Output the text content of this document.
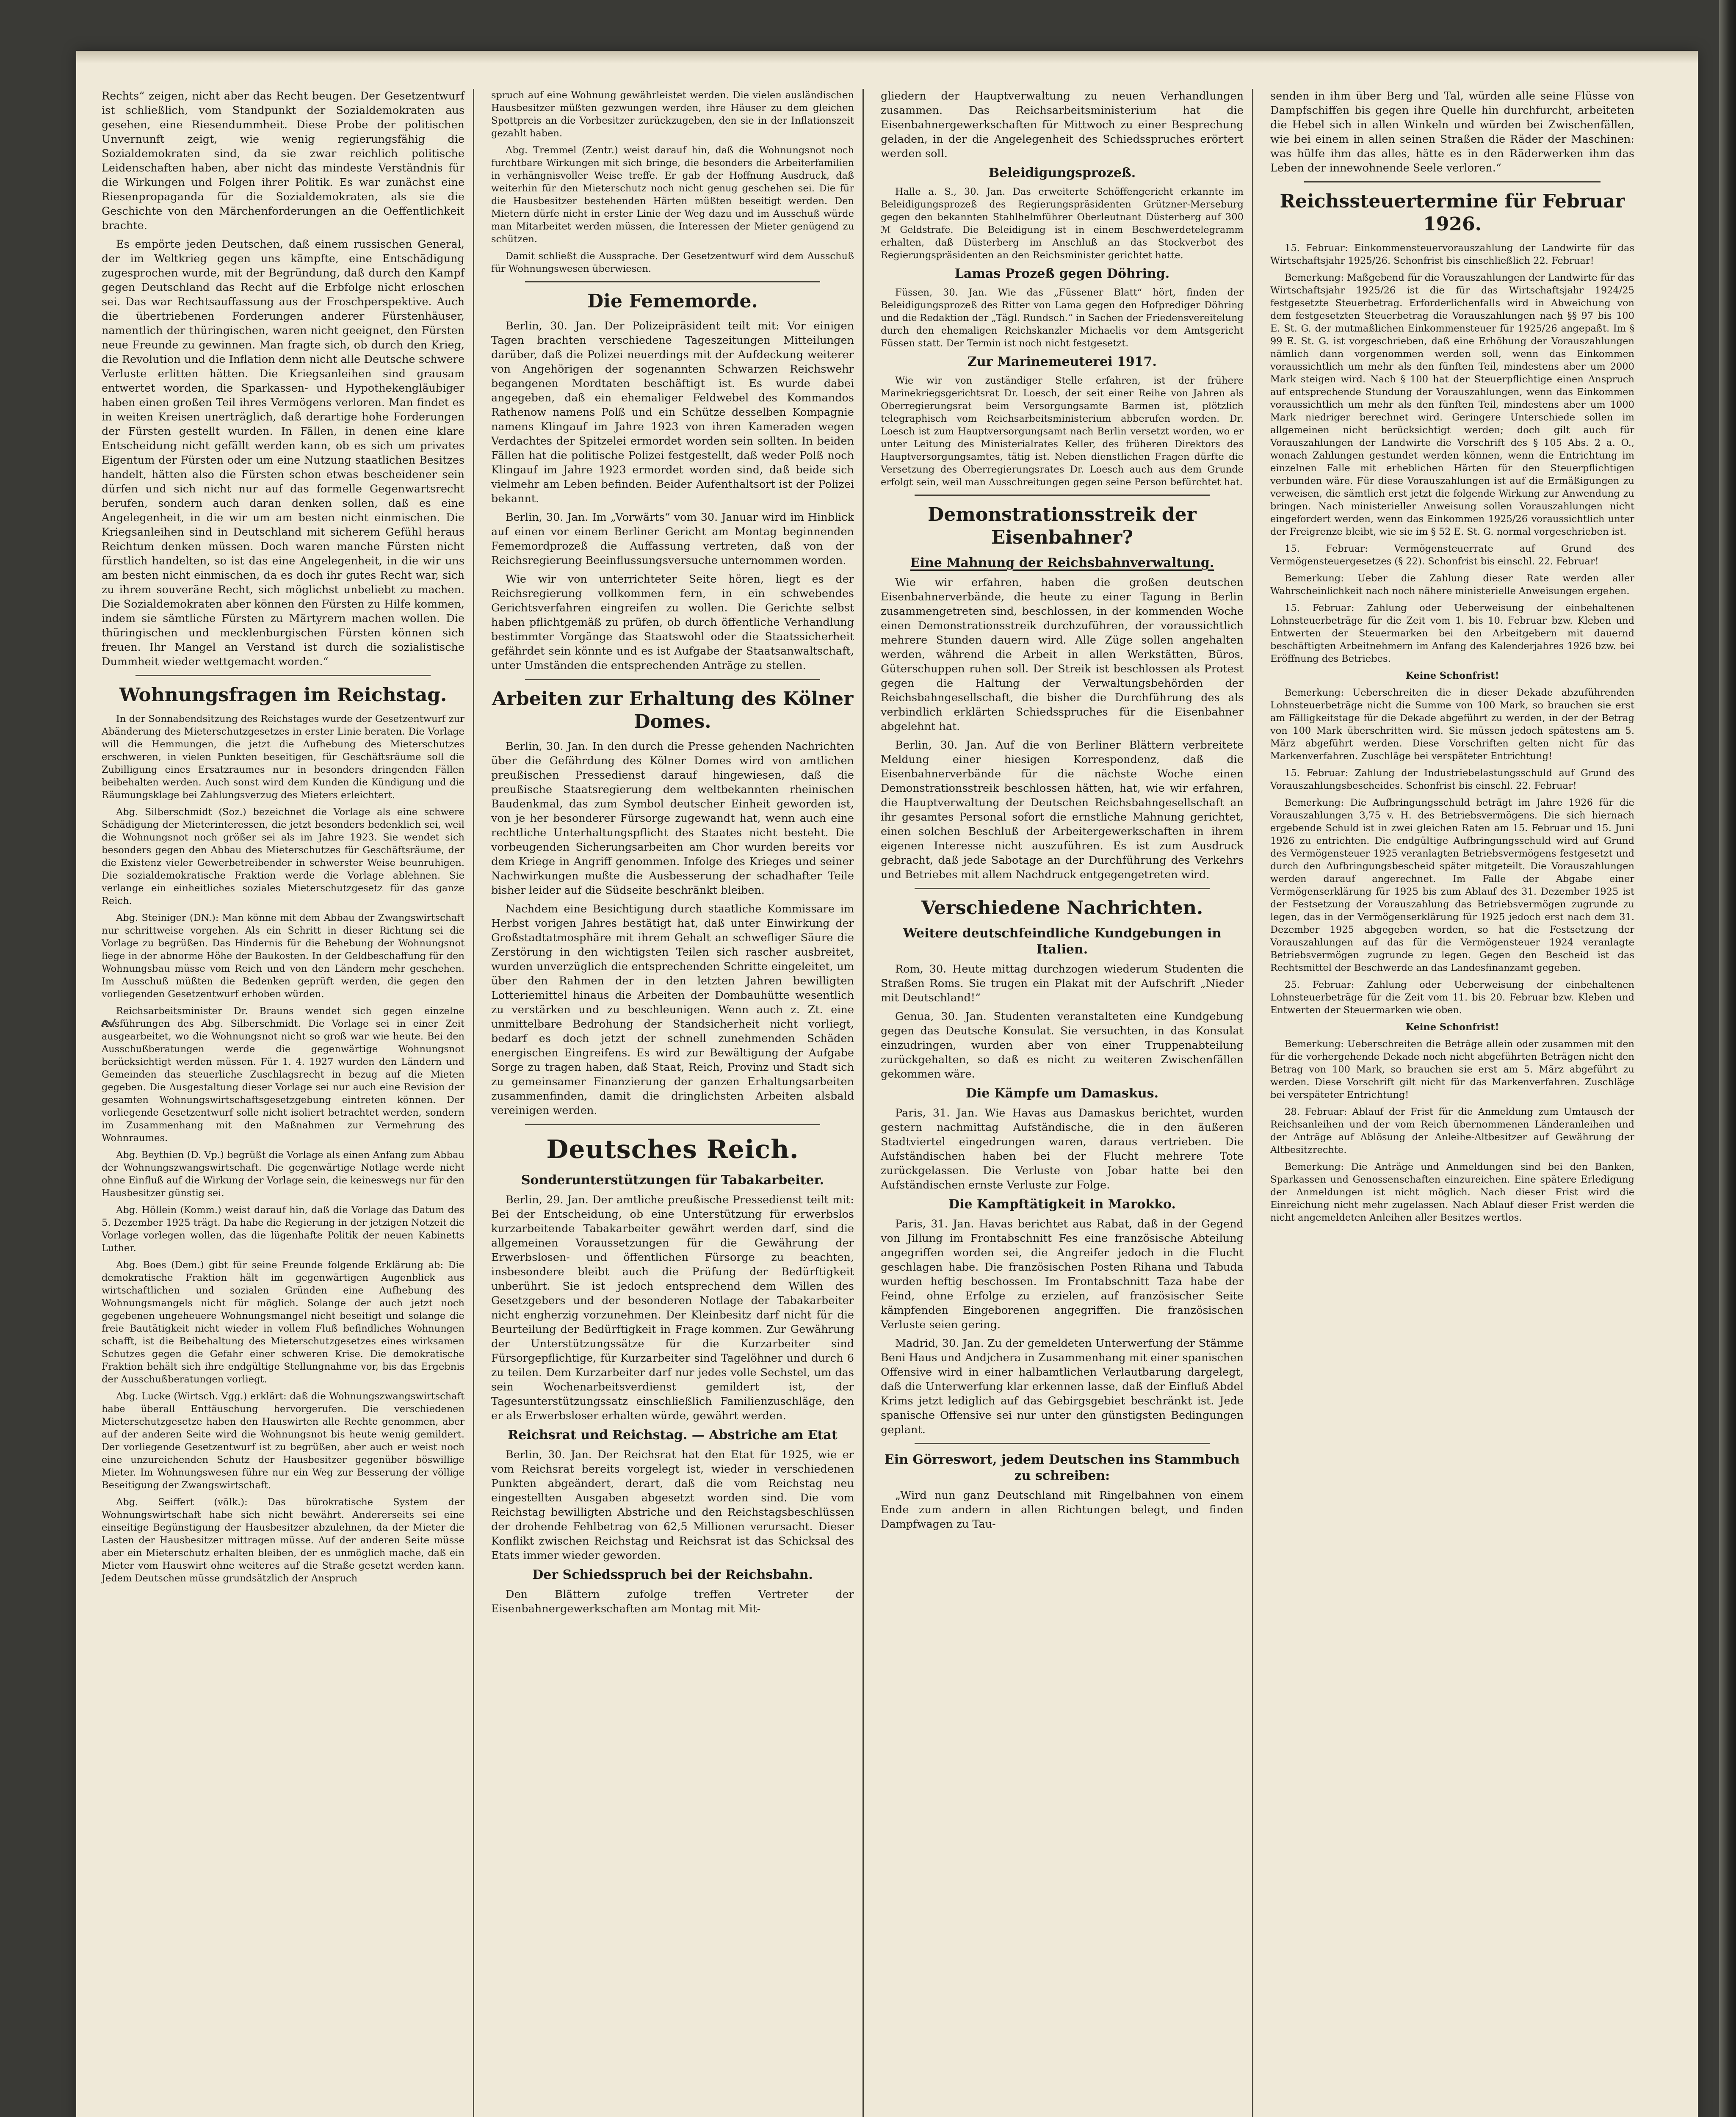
Rechts“ zeigen, nicht aber das Recht beugen. Der Gesetzentwurf ist schließlich, vom Standpunkt der Sozialdemokraten aus gesehen, eine Riesendummheit. Diese Probe der politischen Unvernunft zeigt, wie wenig regierungsfähig die Sozialdemokraten sind, da sie zwar reichlich politische Leidenschaften haben, aber nicht das mindeste Verständnis für die Wirkungen und Folgen ihrer Politik. Es war zunächst eine Riesenpropaganda für die Sozialdemokraten, als sie die Geschichte von den Märchenforderungen an die Oeffentlichkeit brachte.

Es empörte jeden Deutschen, daß einem russischen General, der im Weltkrieg gegen uns kämpfte, eine Entschädigung zugesprochen wurde, mit der Begründung, daß durch den Kampf gegen Deutschland das Recht auf die Erbfolge nicht erloschen sei. Das war Rechtsauffassung aus der Froschperspektive. Auch die übertriebenen Forderungen anderer Fürstenhäuser, namentlich der thüringischen, waren nicht geeignet, den Fürsten neue Freunde zu gewinnen. Man fragte sich, ob durch den Krieg, die Revolution und die Inflation denn nicht alle Deutsche schwere Verluste erlitten hätten. Die Kriegsanleihen sind grausam entwertet worden, die Sparkassen- und Hypothekengläubiger haben einen großen Teil ihres Vermögens verloren. Man findet es in weiten Kreisen unerträglich, daß derartige hohe Forderungen der Fürsten gestellt wurden. In Fällen, in denen eine klare Entscheidung nicht gefällt werden kann, ob es sich um privates Eigentum der Fürsten oder um eine Nutzung staatlichen Besitzes handelt, hätten also die Fürsten schon etwas bescheidener sein dürfen und sich nicht nur auf das formelle Gegenwartsrecht berufen, sondern auch daran denken sollen, daß es eine Angelegenheit, in die wir um am besten nicht einmischen. Die Kriegsanleihen sind in Deutschland mit sicherem Gefühl heraus Reichtum denken müssen. Doch waren manche Fürsten nicht fürstlich handelten, so ist das eine Angelegenheit, in die wir uns am besten nicht einmischen, da es doch ihr gutes Recht war, sich zu ihrem souveräne Recht, sich möglichst unbeliebt zu machen. Die Sozialdemokraten aber können den Fürsten zu Hilfe kommen, indem sie sämtliche Fürsten zu Märtyrern machen wollen. Die thüringischen und mecklenburgischen Fürsten können sich freuen. Ihr Mangel an Verstand ist durch die sozialistische Dummheit wieder wettgemacht worden.“

Wohnungsfragen im Reichstag.

In der Sonnabendsitzung des Reichstages wurde der Gesetzentwurf zur Abänderung des Mieterschutzgesetzes in erster Linie beraten. Die Vorlage will die Hemmungen, die jetzt die Aufhebung des Mieterschutzes erschweren, in vielen Punkten beseitigen, für Geschäftsräume soll die Zubilligung eines Ersatzraumes nur in besonders dringenden Fällen beibehalten werden. Auch sonst wird dem Kunden die Kündigung und die Räumungsklage bei Zahlungsverzug des Mieters erleichtert.

Abg. Silberschmidt (Soz.) bezeichnet die Vorlage als eine schwere Schädigung der Mieterinteressen, die jetzt besonders bedenklich sei, weil die Wohnungsnot noch größer sei als im Jahre 1923. Sie wendet sich besonders gegen den Abbau des Mieterschutzes für Geschäftsräume, der die Existenz vieler Gewerbetreibender in schwerster Weise beunruhigen. Die sozialdemokratische Fraktion werde die Vorlage ablehnen. Sie verlange ein einheitliches soziales Mieterschutzgesetz für das ganze Reich.

Abg. Steiniger (DN.): Man könne mit dem Abbau der Zwangswirtschaft nur schrittweise vorgehen. Als ein Schritt in dieser Richtung sei die Vorlage zu begrüßen. Das Hindernis für die Behebung der Wohnungsnot liege in der abnorme Höhe der Baukosten. In der Geldbeschaffung für den Wohnungsbau müsse vom Reich und von den Ländern mehr geschehen. Im Ausschuß müßten die Bedenken geprüft werden, die gegen den vorliegenden Gesetzentwurf erhoben würden.

Reichsarbeitsminister Dr. Brauns wendet sich gegen einzelne Ausführungen des Abg. Silberschmidt. Die Vorlage sei in einer Zeit ausgearbeitet, wo die Wohnungsnot nicht so groß war wie heute. Bei den Ausschußberatungen werde die gegenwärtige Wohnungsnot berücksichtigt werden müssen. Für 1. 4. 1927 wurden den Ländern und Gemeinden das steuerliche Zuschlagsrecht in bezug auf die Mieten gegeben. Die Ausgestaltung dieser Vorlage sei nur auch eine Revision der gesamten Wohnungswirtschaftsgesetzgebung eintreten können. Der vorliegende Gesetzentwurf solle nicht isoliert betrachtet werden, sondern im Zusammenhang mit den Maßnahmen zur Vermehrung des Wohnraumes.

Abg. Beythien (D. Vp.) begrüßt die Vorlage als einen Anfang zum Abbau der Wohnungszwangswirtschaft. Die gegenwärtige Notlage werde nicht ohne Einfluß auf die Wirkung der Vorlage sein, die keineswegs nur für den Hausbesitzer günstig sei.

Abg. Höllein (Komm.) weist darauf hin, daß die Vorlage das Datum des 5. Dezember 1925 trägt. Da habe die Regierung in der jetzigen Notzeit die Vorlage vorlegen wollen, das die lügenhafte Politik der neuen Kabinetts Luther.

Abg. Boes (Dem.) gibt für seine Freunde folgende Erklärung ab: Die demokratische Fraktion hält im gegenwärtigen Augenblick aus wirtschaftlichen und sozialen Gründen eine Aufhebung des Wohnungsmangels nicht für möglich. Solange der auch jetzt noch gegebenen ungeheuere Wohnungsmangel nicht beseitigt und solange die freie Bautätigkeit nicht wieder in vollem Fluß befindliches Wohnungen schafft, ist die Beibehaltung des Mieterschutzgesetzes eines wirksamen Schutzes gegen die Gefahr einer schweren Krise. Die demokratische Fraktion behält sich ihre endgültige Stellungnahme vor, bis das Ergebnis der Ausschußberatungen vorliegt.

Abg. Lucke (Wirtsch. Vgg.) erklärt: daß die Wohnungszwangswirtschaft habe überall Enttäuschung hervorgerufen. Die verschiedenen Mieterschutzgesetze haben den Hauswirten alle Rechte genommen, aber auf der anderen Seite wird die Wohnungsnot bis heute wenig gemildert. Der vorliegende Gesetzentwurf ist zu begrüßen, aber auch er weist noch eine unzureichenden Schutz der Hausbesitzer gegenüber böswillige Mieter. Im Wohnungswesen führe nur ein Weg zur Besserung der völlige Beseitigung der Zwangswirtschaft.

Abg. Seiffert (völk.): Das bürokratische System der Wohnungswirtschaft habe sich nicht bewährt. Andererseits sei eine einseitige Begünstigung der Hausbesitzer abzulehnen, da der Mieter die Lasten der Hausbesitzer mittragen müsse. Auf der anderen Seite müsse aber ein Mieterschutz erhalten bleiben, der es unmöglich mache, daß ein Mieter vom Hauswirt ohne weiteres auf die Straße gesetzt werden kann. Jedem Deutschen müsse grundsätzlich der Anspruch

spruch auf eine Wohnung gewährleistet werden. Die vielen ausländischen Hausbesitzer müßten gezwungen werden, ihre Häuser zu dem gleichen Spottpreis an die Vorbesitzer zurückzugeben, den sie in der Inflationszeit gezahlt haben.

Abg. Tremmel (Zentr.) weist darauf hin, daß die Wohnungsnot noch furchtbare Wirkungen mit sich bringe, die besonders die Arbeiterfamilien in verhängnisvoller Weise treffe. Er gab der Hoffnung Ausdruck, daß weiterhin für den Mieterschutz noch nicht genug geschehen sei. Die für die Hausbesitzer bestehenden Härten müßten beseitigt werden. Den Mietern dürfe nicht in erster Linie der Weg dazu und im Ausschuß würde man Mitarbeitet werden müssen, die Interessen der Mieter genügend zu schützen.

Damit schließt die Aussprache. Der Gesetzentwurf wird dem Ausschuß für Wohnungswesen überwiesen.

Die Fememorde.

Berlin, 30. Jan. Der Polizeipräsident teilt mit: Vor einigen Tagen brachten verschiedene Tageszeitungen Mitteilungen darüber, daß die Polizei neuerdings mit der Aufdeckung weiterer von Angehörigen der sogenannten Schwarzen Reichswehr begangenen Mordtaten beschäftigt ist. Es wurde dabei angegeben, daß ein ehemaliger Feldwebel des Kommandos Rathenow namens Polß und ein Schütze desselben Kompagnie namens Klingauf im Jahre 1923 von ihren Kameraden wegen Verdachtes der Spitzelei ermordet worden sein sollten. In beiden Fällen hat die politische Polizei festgestellt, daß weder Polß noch Klingauf im Jahre 1923 ermordet worden sind, daß beide sich vielmehr am Leben befinden. Beider Aufenthaltsort ist der Polizei bekannt.

Berlin, 30. Jan. Im „Vorwärts“ vom 30. Januar wird im Hinblick auf einen vor einem Berliner Gericht am Montag beginnenden Fememordprozeß die Auffassung vertreten, daß von der Reichsregierung Beeinflussungsversuche unternommen worden.

Wie wir von unterrichteter Seite hören, liegt es der Reichsregierung vollkommen fern, in ein schwebendes Gerichtsverfahren eingreifen zu wollen. Die Gerichte selbst haben pflichtgemäß zu prüfen, ob durch öffentliche Verhandlung bestimmter Vorgänge das Staatswohl oder die Staatssicherheit gefährdet sein könnte und es ist Aufgabe der Staatsanwaltschaft, unter Umständen die entsprechenden Anträge zu stellen.

Arbeiten zur Erhaltung des Kölner Domes.

Berlin, 30. Jan. In den durch die Presse gehenden Nachrichten über die Gefährdung des Kölner Domes wird von amtlichen preußischen Pressedienst darauf hingewiesen, daß die preußische Staatsregierung dem weltbekannten rheinischen Baudenkmal, das zum Symbol deutscher Einheit geworden ist, von je her besonderer Fürsorge zugewandt hat, wenn auch eine rechtliche Unterhaltungspflicht des Staates nicht besteht. Die vorbeugenden Sicherungsarbeiten am Chor wurden bereits vor dem Kriege in Angriff genommen. Infolge des Krieges und seiner Nachwirkungen mußte die Ausbesserung der schadhafter Teile bisher leider auf die Südseite beschränkt bleiben.

Nachdem eine Besichtigung durch staatliche Kommissare im Herbst vorigen Jahres bestätigt hat, daß unter Einwirkung der Großstadtatmosphäre mit ihrem Gehalt an schwefliger Säure die Zerstörung in den wichtigsten Teilen sich rascher ausbreitet, wurden unverzüglich die entsprechenden Schritte eingeleitet, um über den Rahmen der in den letzten Jahren bewilligten Lotteriemittel hinaus die Arbeiten der Dombauhütte wesentlich zu verstärken und zu beschleunigen. Wenn auch z. Zt. eine unmittelbare Bedrohung der Standsicherheit nicht vorliegt, bedarf es doch jetzt der schnell zunehmenden Schäden energischen Eingreifens. Es wird zur Bewältigung der Aufgabe Sorge zu tragen haben, daß Staat, Reich, Provinz und Stadt sich zu gemeinsamer Finanzierung der ganzen Erhaltungsarbeiten zusammenfinden, damit die dringlichsten Arbeiten alsbald vereinigen werden.

Deutsches Reich.
Sonderunterstützungen für Tabakarbeiter.

Berlin, 29. Jan. Der amtliche preußische Pressedienst teilt mit: Bei der Entscheidung, ob eine Unterstützung für erwerbslos kurzarbeitende Tabakarbeiter gewährt werden darf, sind die allgemeinen Voraussetzungen für die Gewährung der Erwerbslosen- und öffentlichen Fürsorge zu beachten, insbesondere bleibt auch die Prüfung der Bedürftigkeit unberührt. Sie ist jedoch entsprechend dem Willen des Gesetzgebers und der besonderen Notlage der Tabakarbeiter nicht engherzig vorzunehmen. Der Kleinbesitz darf nicht für die Beurteilung der Bedürftigkeit in Frage kommen. Zur Gewährung der Unterstützungssätze für die Kurzarbeiter sind Fürsorgepflichtige, für Kurzarbeiter sind Tagelöhner und durch 6 zu teilen. Dem Kurzarbeiter darf nur jedes volle Sechstel, um das sein Wochenarbeitsverdienst gemildert ist, der Tagesunterstützungssatz einschließlich Familienzuschläge, den er als Erwerbsloser erhalten würde, gewährt werden.

Reichsrat und Reichstag. — Abstriche am Etat

Berlin, 30. Jan. Der Reichsrat hat den Etat für 1925, wie er vom Reichsrat bereits vorgelegt ist, wieder in verschiedenen Punkten abgeändert, derart, daß die vom Reichstag neu eingestellten Ausgaben abgesetzt worden sind. Die vom Reichstag bewilligten Abstriche und den Reichstagsbeschlüssen der drohende Fehlbetrag von 62,5 Millionen verursacht. Dieser Konflikt zwischen Reichstag und Reichsrat ist das Schicksal des Etats immer wieder geworden.

Der Schiedsspruch bei der Reichsbahn.

Den Blättern zufolge treffen Vertreter der Eisenbahnergewerkschaften am Montag mit Mit-

gliedern der Hauptverwaltung zu neuen Verhandlungen zusammen. Das Reichsarbeitsministerium hat die Eisenbahnergewerkschaften für Mittwoch zu einer Besprechung geladen, in der die Angelegenheit des Schiedsspruches erörtert werden soll.

Beleidigungsprozeß.

Halle a. S., 30. Jan. Das erweiterte Schöffengericht erkannte im Beleidigungsprozeß des Regierungspräsidenten Grützner-Merseburg gegen den bekannten Stahlhelmführer Oberleutnant Düsterberg auf 300 ℳ Geldstrafe. Die Beleidigung ist in einem Beschwerdetelegramm erhalten, daß Düsterberg im Anschluß an das Stockverbot des Regierungspräsidenten an den Reichsminister gerichtet hatte.

Lamas Prozeß gegen Döhring.

Füssen, 30. Jan. Wie das „Füssener Blatt“ hört, finden der Beleidigungsprozeß des Ritter von Lama gegen den Hofprediger Döhring und die Redaktion der „Tägl. Rundsch.“ in Sachen der Friedensvereitelung durch den ehemaligen Reichskanzler Michaelis vor dem Amtsgericht Füssen statt. Der Termin ist noch nicht festgesetzt.

Zur Marinemeuterei 1917.

Wie wir von zuständiger Stelle erfahren, ist der frühere Marinekriegsgerichtsrat Dr. Loesch, der seit einer Reihe von Jahren als Oberregierungsrat beim Versorgungsamte Barmen ist, plötzlich telegraphisch vom Reichsarbeitsministerium abberufen worden. Dr. Loesch ist zum Hauptversorgungsamt nach Berlin versetzt worden, wo er unter Leitung des Ministerialrates Keller, des früheren Direktors des Hauptversorgungsamtes, tätig ist. Neben dienstlichen Fragen dürfte die Versetzung des Oberregierungsrates Dr. Loesch auch aus dem Grunde erfolgt sein, weil man Ausschreitungen gegen seine Person befürchtet hat.

Demonstrationsstreik der Eisenbahner?
Eine Mahnung der Reichsbahnverwaltung.

Wie wir erfahren, haben die großen deutschen Eisenbahnerverbände, die heute zu einer Tagung in Berlin zusammengetreten sind, beschlossen, in der kommenden Woche einen Demonstrationsstreik durchzuführen, der voraussichtlich mehrere Stunden dauern wird. Alle Züge sollen angehalten werden, während die Arbeit in allen Werkstätten, Büros, Güterschuppen ruhen soll. Der Streik ist beschlossen als Protest gegen die Haltung der Verwaltungsbehörden der Reichsbahngesellschaft, die bisher die Durchführung des als verbindlich erklärten Schiedsspruches für die Eisenbahner abgelehnt hat.

Berlin, 30. Jan. Auf die von Berliner Blättern verbreitete Meldung einer hiesigen Korrespondenz, daß die Eisenbahnerverbände für die nächste Woche einen Demonstrationsstreik beschlossen hätten, hat, wie wir erfahren, die Hauptverwaltung der Deutschen Reichsbahngesellschaft an ihr gesamtes Personal sofort die ernstliche Mahnung gerichtet, einen solchen Beschluß der Arbeitergewerkschaften in ihrem eigenen Interesse nicht auszuführen. Es ist zum Ausdruck gebracht, daß jede Sabotage an der Durchführung des Verkehrs und Betriebes mit allem Nachdruck entgegengetreten wird.

Verschiedene Nachrichten.
Weitere deutschfeindliche Kundgebungen in Italien.

Rom, 30. Heute mittag durchzogen wiederum Studenten die Straßen Roms. Sie trugen ein Plakat mit der Aufschrift „Nieder mit Deutschland!“

Genua, 30. Jan. Studenten veranstalteten eine Kundgebung gegen das Deutsche Konsulat. Sie versuchten, in das Konsulat einzudringen, wurden aber von einer Truppenabteilung zurückgehalten, so daß es nicht zu weiteren Zwischenfällen gekommen wäre.

Die Kämpfe um Damaskus.

Paris, 31. Jan. Wie Havas aus Damaskus berichtet, wurden gestern nachmittag Aufständische, die in den äußeren Stadtviertel eingedrungen waren, daraus vertrieben. Die Aufständischen haben bei der Flucht mehrere Tote zurückgelassen. Die Verluste von Jobar hatte bei den Aufständischen ernste Verluste zur Folge.

Die Kampftätigkeit in Marokko.

Paris, 31. Jan. Havas berichtet aus Rabat, daß in der Gegend von Jillung im Frontabschnitt Fes eine französische Abteilung angegriffen worden sei, die Angreifer jedoch in die Flucht geschlagen habe. Die französischen Posten Rihana und Tabuda wurden heftig beschossen. Im Frontabschnitt Taza habe der Feind, ohne Erfolge zu erzielen, auf französischer Seite kämpfenden Eingeborenen angegriffen. Die französischen Verluste seien gering.

Madrid, 30. Jan. Zu der gemeldeten Unterwerfung der Stämme Beni Haus und Andjchera in Zusammenhang mit einer spanischen Offensive wird in einer halbamtlichen Verlautbarung dargelegt, daß die Unterwerfung klar erkennen lasse, daß der Einfluß Abdel Krims jetzt lediglich auf das Gebirgsgebiet beschränkt ist. Jede spanische Offensive sei nur unter den günstigsten Bedingungen geplant.

Ein Görreswort, jedem Deutschen ins Stammbuch zu schreiben:

„Wird nun ganz Deutschland mit Ringelbahnen von einem Ende zum andern in allen Richtungen belegt, und finden Dampfwagen zu Tau-

senden in ihm über Berg und Tal, würden alle seine Flüsse von Dampfschiffen bis gegen ihre Quelle hin durchfurcht, arbeiteten die Hebel sich in allen Winkeln und würden bei Zwischenfällen, wie bei einem in allen seinen Straßen die Räder der Maschinen: was hülfe ihm das alles, hätte es in den Räderwerken ihm das Leben der innewohnende Seele verloren.“

Reichssteuertermine für Februar 1926.

15. Februar: Einkommensteuervorauszahlung der Landwirte für das Wirtschaftsjahr 1925/26. Schonfrist bis einschließlich 22. Februar!

Bemerkung: Maßgebend für die Vorauszahlungen der Landwirte für das Wirtschaftsjahr 1925/26 ist die für das Wirtschaftsjahr 1924/25 festgesetzte Steuerbetrag. Erforderlichenfalls wird in Abweichung von dem festgesetzten Steuerbetrag die Vorauszahlungen nach §§ 97 bis 100 E. St. G. der mutmaßlichen Einkommensteuer für 1925/26 angepaßt. Im § 99 E. St. G. ist vorgeschrieben, daß eine Erhöhung der Vorauszahlungen nämlich dann vorgenommen werden soll, wenn das Einkommen voraussichtlich um mehr als den fünften Teil, mindestens aber um 2000 Mark steigen wird. Nach § 100 hat der Steuerpflichtige einen Anspruch auf entsprechende Stundung der Vorauszahlungen, wenn das Einkommen voraussichtlich um mehr als den fünften Teil, mindestens aber um 1000 Mark niedriger berechnet wird. Geringere Unterschiede sollen im allgemeinen nicht berücksichtigt werden; doch gilt auch für Vorauszahlungen der Landwirte die Vorschrift des § 105 Abs. 2 a. O., wonach Zahlungen gestundet werden können, wenn die Entrichtung im einzelnen Falle mit erheblichen Härten für den Steuerpflichtigen verbunden wäre. Für diese Vorauszahlungen ist auf die Ermäßigungen zu verweisen, die sämtlich erst jetzt die folgende Wirkung zur Anwendung zu bringen. Nach ministerieller Anweisung sollen Vorauszahlungen nicht eingefordert werden, wenn das Einkommen 1925/26 voraussichtlich unter der Freigrenze bleibt, wie sie im § 52 E. St. G. normal vorgeschrieben ist.

15. Februar: Vermögensteuerrate auf Grund des Vermögensteuergesetzes (§ 22). Schonfrist bis einschl. 22. Februar!

Bemerkung: Ueber die Zahlung dieser Rate werden aller Wahrscheinlichkeit nach noch nähere ministerielle Anweisungen ergehen.

15. Februar: Zahlung oder Ueberweisung der einbehaltenen Lohnsteuerbeträge für die Zeit vom 1. bis 10. Februar bzw. Kleben und Entwerten der Steuermarken bei den Arbeitgebern mit dauernd beschäftigten Arbeitnehmern im Anfang des Kalenderjahres 1926 bzw. bei Eröffnung des Betriebes.

Keine Schonfrist!

Bemerkung: Ueberschreiten die in dieser Dekade abzuführenden Lohnsteuerbeträge nicht die Summe von 100 Mark, so brauchen sie erst am Fälligkeitstage für die Dekade abgeführt zu werden, in der der Betrag von 100 Mark überschritten wird. Sie müssen jedoch spätestens am 5. März abgeführt werden. Diese Vorschriften gelten nicht für das Markenverfahren. Zuschläge bei verspäteter Entrichtung!

15. Februar: Zahlung der Industriebelastungsschuld auf Grund des Vorauszahlungsbescheides. Schonfrist bis einschl. 22. Februar!

Bemerkung: Die Aufbringungsschuld beträgt im Jahre 1926 für die Vorauszahlungen 3,75 v. H. des Betriebsvermögens. Die sich hiernach ergebende Schuld ist in zwei gleichen Raten am 15. Februar und 15. Juni 1926 zu entrichten. Die endgültige Aufbringungsschuld wird auf Grund des Vermögensteuer 1925 veranlagten Betriebsvermögens festgesetzt und durch den Aufbringungsbescheid später mitgeteilt. Die Vorauszahlungen werden darauf angerechnet. Im Falle der Abgabe einer Vermögenserklärung für 1925 bis zum Ablauf des 31. Dezember 1925 ist der Festsetzung der Vorauszahlung das Betriebsvermögen zugrunde zu legen, das in der Vermögenserklärung für 1925 jedoch erst nach dem 31. Dezember 1925 abgegeben worden, so hat die Festsetzung der Vorauszahlungen auf das für die Vermögensteuer 1924 veranlagte Betriebsvermögen zugrunde zu legen. Gegen den Bescheid ist das Rechtsmittel der Beschwerde an das Landesfinanzamt gegeben.

25. Februar: Zahlung oder Ueberweisung der einbehaltenen Lohnsteuerbeträge für die Zeit vom 11. bis 20. Februar bzw. Kleben und Entwerten der Steuermarken wie oben.

Keine Schonfrist!

Bemerkung: Ueberschreiten die Beträge allein oder zusammen mit den für die vorhergehende Dekade noch nicht abgeführten Beträgen nicht den Betrag von 100 Mark, so brauchen sie erst am 5. März abgeführt zu werden. Diese Vorschrift gilt nicht für das Markenverfahren. Zuschläge bei verspäteter Entrichtung!

28. Februar: Ablauf der Frist für die Anmeldung zum Umtausch der Reichsanleihen und der vom Reich übernommenen Länderanleihen und der Anträge auf Ablösung der Anleihe-Altbesitzer auf Gewährung der Altbesitzrechte.

Bemerkung: Die Anträge und Anmeldungen sind bei den Banken, Sparkassen und Genossenschaften einzureichen. Eine spätere Erledigung der Anmeldungen ist nicht möglich. Nach dieser Frist wird die Einreichung nicht mehr zugelassen. Nach Ablauf dieser Frist werden die nicht angemeldeten Anleihen aller Besitzes wertlos.
